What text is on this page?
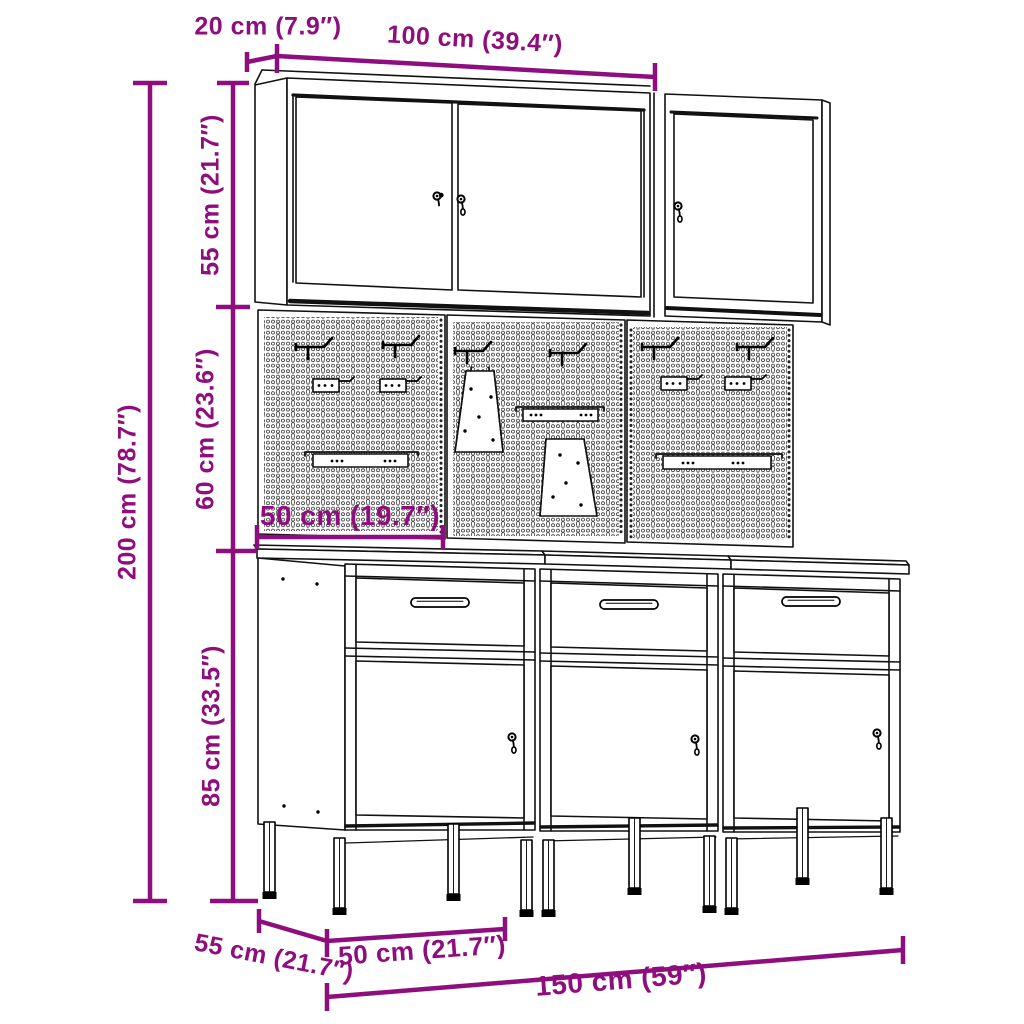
20 cm (7.9″) 100 cm (39.4″)
55 cm (21.7″)
60 cm (23.6″)
200 cm (78.7″)
85 cm (33.5″)
50 cm (19.7″)
55 cm (21.7″)
50 cm (21.7″)
150 cm (59″)
